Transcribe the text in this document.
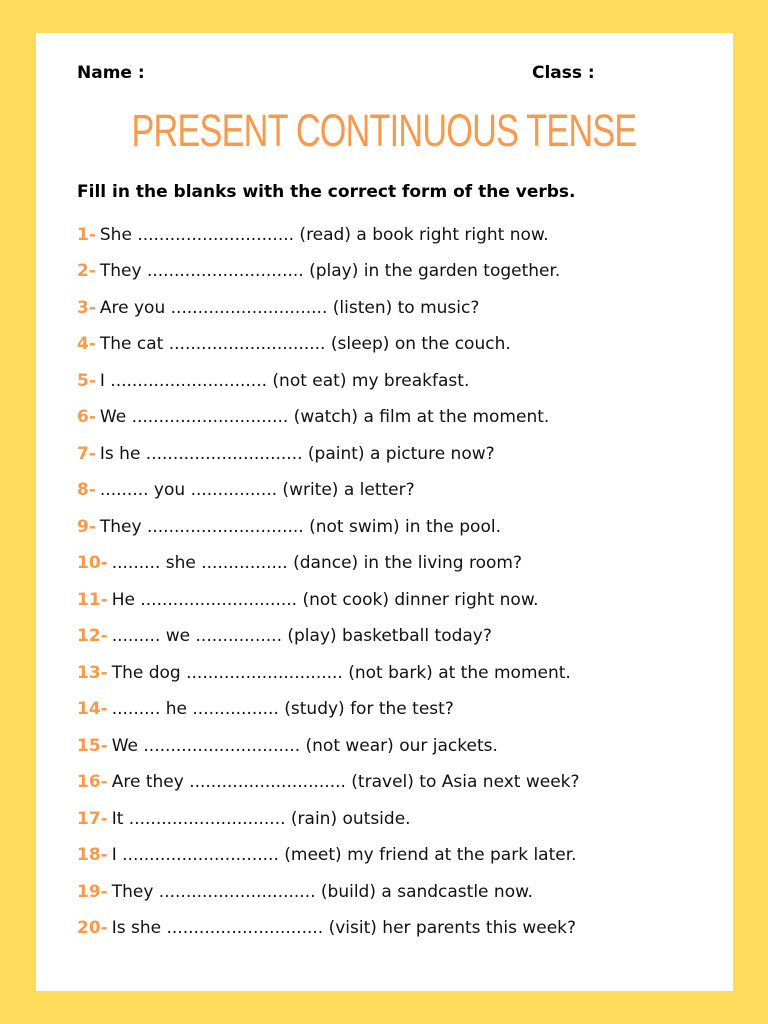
Name :	Class :
PRESENT CONTINUOUS TENSE
Fill in the blanks with the correct form of the verbs.
1- She ............................. (read) a book right right now.
2- They ............................. (play) in the garden together.
3- Are you ............................. (listen) to music?
4- The cat ............................. (sleep) on the couch.
5- I ............................. (not eat) my breakfast.
6- We ............................. (watch) a film at the moment.
7- Is he ............................. (paint) a picture now?
8- ......... you ................ (write) a letter?
9- They ............................. (not swim) in the pool.
10- ......... she ................ (dance) in the living room?
11- He ............................. (not cook) dinner right now.
12- ......... we ................ (play) basketball today?
13- The dog ............................. (not bark) at the moment.
14- ......... he ................ (study) for the test?
15- We ............................. (not wear) our jackets.
16- Are they ............................. (travel) to Asia next week?
17- It ............................. (rain) outside.
18- I ............................. (meet) my friend at the park later.
19- They ............................. (build) a sandcastle now.
20- Is she ............................. (visit) her parents this week?
